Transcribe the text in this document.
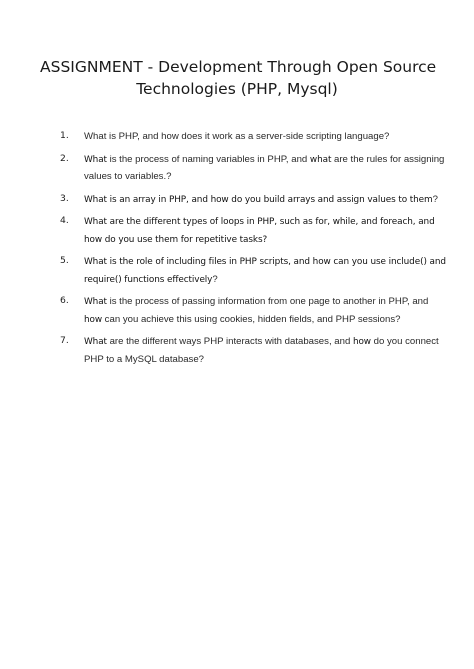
ASSIGNMENT - Development Through Open Source
Technologies (PHP, Mysql)
1.	What is PHP, and how does it work as a server-side scripting language?
2.	What is the process of naming variables in PHP, and what are the rules for assigning
values to variables.?
3.	What is an array in PHP, and how do you build arrays and assign values to them?
4.	What are the different types of loops in PHP, such as for, while, and foreach, and
how do you use them for repetitive tasks?
5.	What is the role of including files in PHP scripts, and how can you use include() and
require() functions effectively?
6.	What is the process of passing information from one page to another in PHP, and
how can you achieve this using cookies, hidden fields, and PHP sessions?
7.	What are the different ways PHP interacts with databases, and how do you connect
PHP to a MySQL database?
